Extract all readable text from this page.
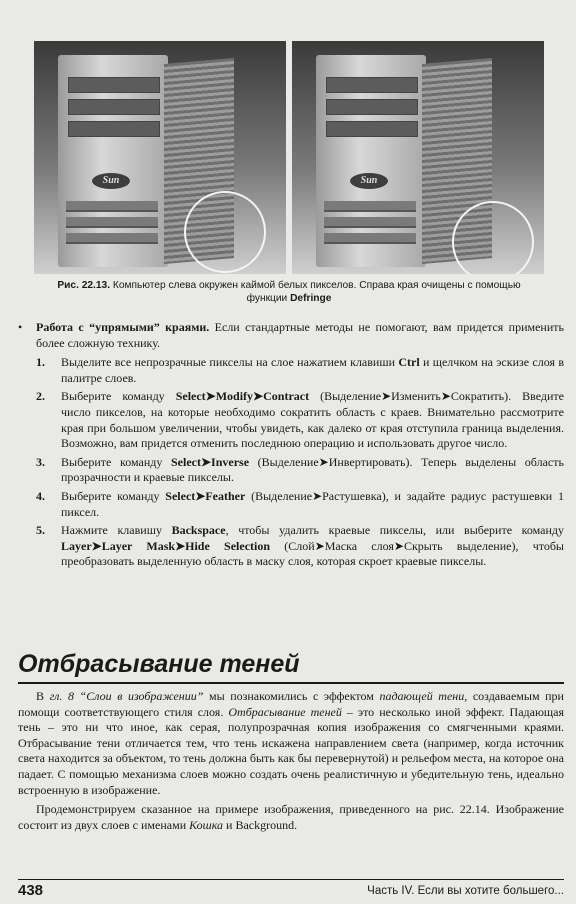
Sun	Sun
Рис. 22.13. Компьютер слева окружен каймой белых пикселов. Справа края очищены с помощью функции Defringe
•	Работа с “упрямыми” краями. Если стандартные методы не помогают, вам придется применить более сложную технику.
1.	Выделите все непрозрачные пикселы на слое нажатием клавиши Ctrl и щелчком на эскизе слоя в палитре слоев.
2.	Выберите команду Select➤Modify➤Contract (Выделение➤Изменить➤Сократить). Введите число пикселов, на которые необходимо сократить область с краев. Внимательно рассмотрите края при большом увеличении, чтобы увидеть, как далеко от края отступила граница выделения. Возможно, вам придется отменить последнюю операцию и использовать другое число.
3.	Выберите команду Select➤Inverse (Выделение➤Инвертировать). Теперь выделены область прозрачности и краевые пикселы.
4.	Выберите команду Select➤Feather (Выделение➤Растушевка), и задайте радиус растушевки 1 пиксел.
5.	Нажмите клавишу Backspace, чтобы удалить краевые пикселы, или выберите команду Layer➤Layer Mask➤Hide Selection (Слой➤Маска слоя➤Скрыть выделение), чтобы преобразовать выделенную область в маску слоя, которая скроет краевые пикселы.
Отбрасывание теней

В гл. 8 “Слои в изображении” мы познакомились с эффектом падающей тени, создаваемым при помощи соответствующего стиля слоя. Отбрасывание теней – это несколько иной эффект. Падающая тень – это ни что иное, как серая, полупрозрачная копия изображения со смягченными краями. Отбрасывание тени отличается тем, что тень искажена направлением света (например, когда источник света находится за объектом, то тень должна быть как бы перевернутой) и рельефом места, на которое она падает. С помощью механизма слоев можно создать очень реалистичную и убедительную тень, идеально встроенную в изображение.

Продемонстрируем сказанное на примере изображения, приведенного на рис. 22.14. Изображение состоит из двух слоев с именами Кошка и Background.

438	Часть IV. Если вы хотите большего...
